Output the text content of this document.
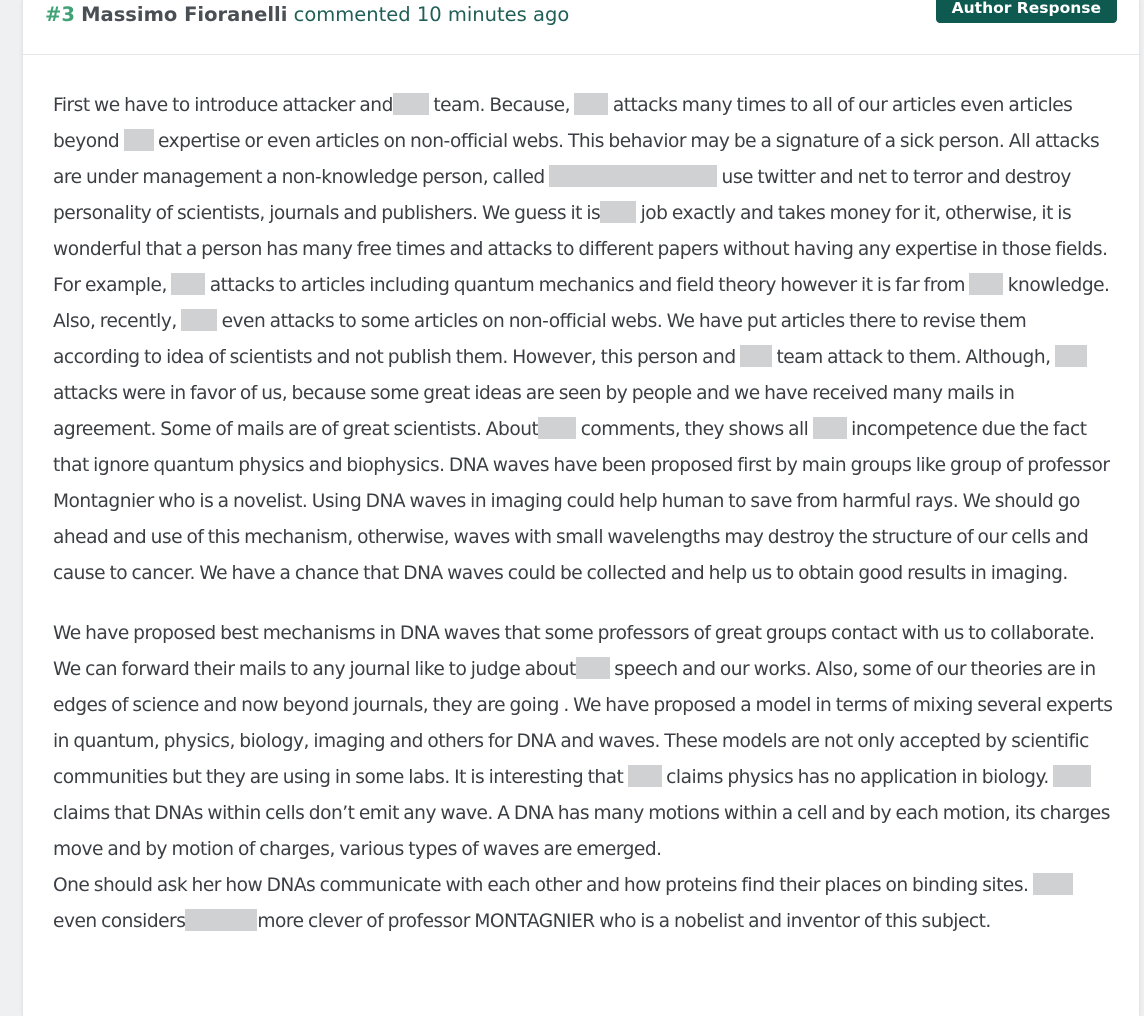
#3 Massimo Fioranelli commented 10 minutes ago	Author Response

First we have to introduce attacker and team. Because,  attacks many times to all of our articles even articles beyond  expertise or even articles on non-official webs. This behavior may be a signature of a sick person. All attacks are under management a non-knowledge person, called	use twitter and net to terror and destroy personality of scientists, journals and publishers. We guess it is job exactly and takes money for it, otherwise, it is wonderful that a person has many free times and attacks to different papers without having any expertise in those fields. For example,  attacks to articles including quantum mechanics and field theory however it is far from  knowledge. Also, recently,  even attacks to some articles on non-official webs. We have put articles there to revise them according to idea of scientists and not publish them. However, this person and  team attack to them. Although,  attacks were in favor of us, because some great ideas are seen by people and we have received many mails in agreement. Some of mails are of great scientists. About comments, they shows all  incompetence due the fact that ignore quantum physics and biophysics. DNA waves have been proposed first by main groups like group of professor Montagnier who is a novelist. Using DNA waves in imaging could help human to save from harmful rays. We should go ahead and use of this mechanism, otherwise, waves with small wavelengths may destroy the structure of our cells and cause to cancer. We have a chance that DNA waves could be collected and help us to obtain good results in imaging.

We have proposed best mechanisms in DNA waves that some professors of great groups contact with us to collaborate. We can forward their mails to any journal like to judge about speech and our works. Also, some of our theories are in edges of science and now beyond journals, they are going . We have proposed a model in terms of mixing several experts in quantum, physics, biology, imaging and others for DNA and waves. These models are not only accepted by scientific communities but they are using in some labs. It is interesting that  claims physics has no application in biology.  claims that DNAs within cells don’t emit any wave. A DNA has many motions within a cell and by each motion, its charges move and by motion of charges, various types of waves are emerged.
One should ask her how DNAs communicate with each other and how proteins find their places on binding sites.  even considers	more clever of professor MONTAGNIER who is a nobelist and inventor of this subject.
